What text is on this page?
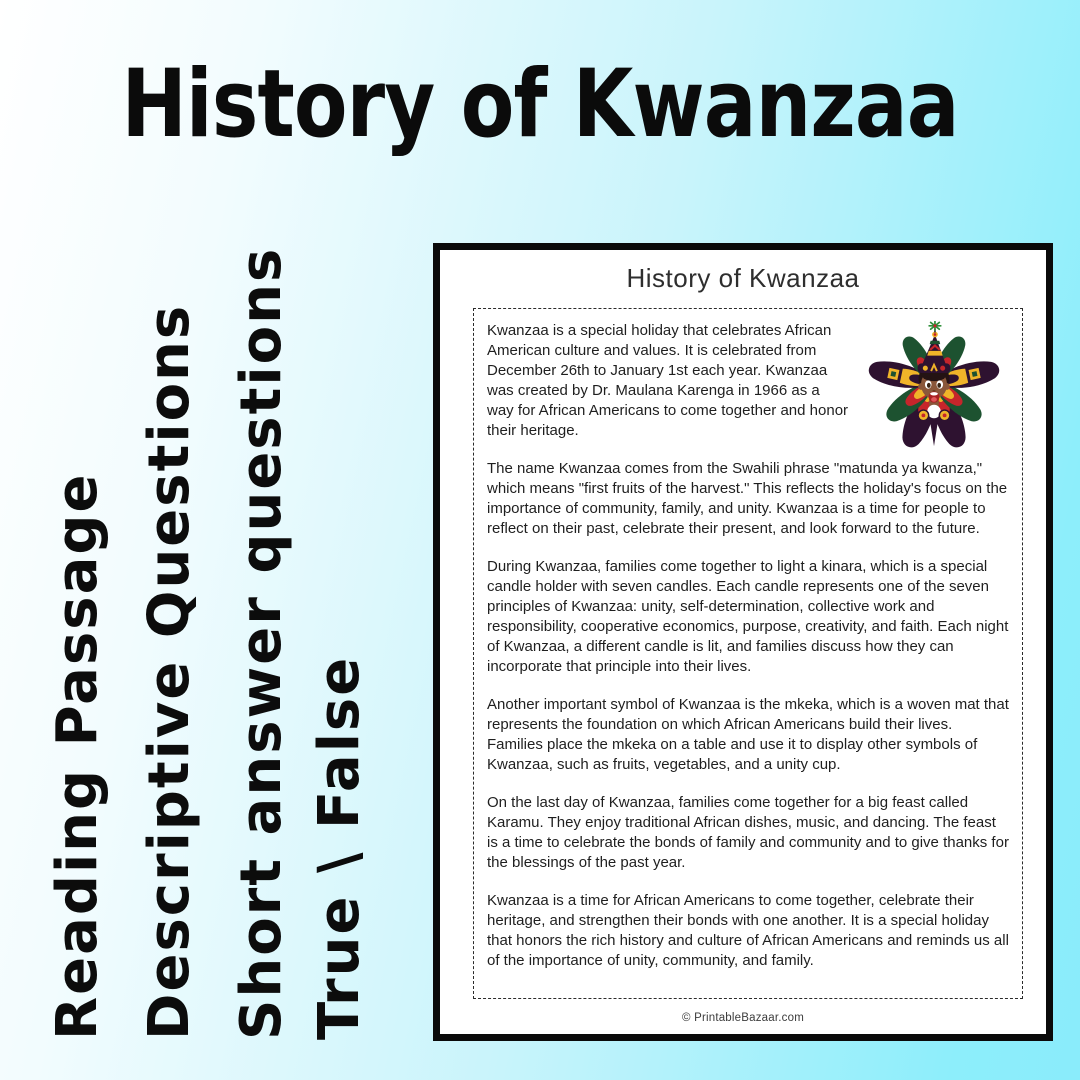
History of Kwanzaa
Reading Passage Descriptive Questions Short answer questions True \ False
History of Kwanzaa

Kwanzaa is a special holiday that celebrates African American culture and values. It is celebrated from December 26th to January 1st each year. Kwanzaa was created by Dr. Maulana Karenga in 1966 as a way for African Americans to come together and honor their heritage.

The name Kwanzaa comes from the Swahili phrase "matunda ya kwanza," which means "first fruits of the harvest." This reflects the holiday's focus on the importance of community, family, and unity. Kwanzaa is a time for people to reflect on their past, celebrate their present, and look forward to the future.

During Kwanzaa, families come together to light a kinara, which is a special candle holder with seven candles. Each candle represents one of the seven principles of Kwanzaa: unity, self-determination, collective work and responsibility, cooperative economics, purpose, creativity, and faith. Each night of Kwanzaa, a different candle is lit, and families discuss how they can incorporate that principle into their lives.

Another important symbol of Kwanzaa is the mkeka, which is a woven mat that represents the foundation on which African Americans build their lives. Families place the mkeka on a table and use it to display other symbols of Kwanzaa, such as fruits, vegetables, and a unity cup.

On the last day of Kwanzaa, families come together for a big feast called Karamu. They enjoy traditional African dishes, music, and dancing. The feast is a time to celebrate the bonds of family and community and to give thanks for the blessings of the past year.

Kwanzaa is a time for African Americans to come together, celebrate their heritage, and strengthen their bonds with one another. It is a special holiday that honors the rich history and culture of African Americans and reminds us all of the importance of unity, community, and family.

© PrintableBazaar.com
